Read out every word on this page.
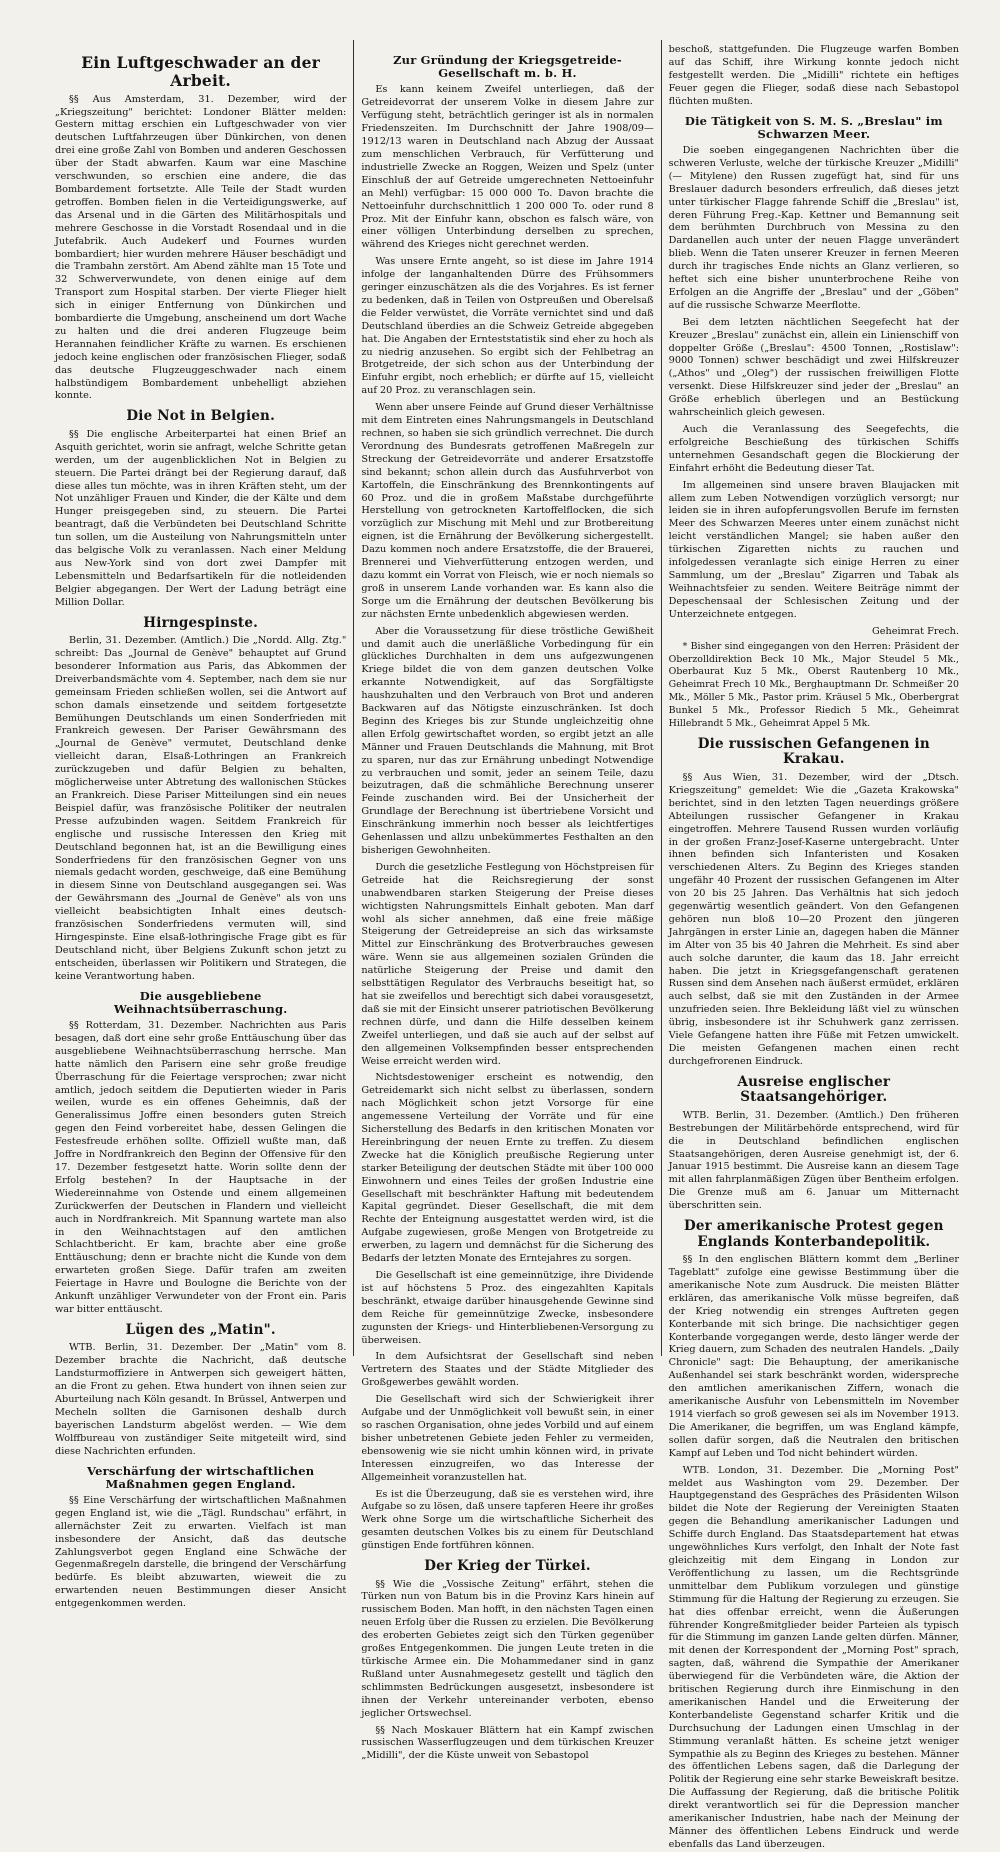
Ein Luftgeschwader an der Arbeit.

§§ Aus Amsterdam, 31. Dezember, wird der „Kriegszeitung" berichtet: Londoner Blätter melden: Gestern mittag erschien ein Luftgeschwader von vier deutschen Luftfahrzeugen über Dünkirchen, von denen drei eine große Zahl von Bomben und anderen Geschossen über der Stadt abwarfen. Kaum war eine Maschine verschwunden, so erschien eine andere, die das Bombardement fortsetzte. Alle Teile der Stadt wurden getroffen. Bomben fielen in die Verteidigungswerke, auf das Arsenal und in die Gärten des Militärhospitals und mehrere Geschosse in die Vorstadt Rosendaal und in die Jutefabrik. Auch Audekerf und Fournes wurden bombardiert; hier wurden mehrere Häuser beschädigt und die Trambahn zerstört. Am Abend zählte man 15 Tote und 32 Schwerverwundete, von denen einige auf dem Transport zum Hospital starben. Der vierte Flieger hielt sich in einiger Entfernung von Dünkirchen und bombardierte die Umgebung, anscheinend um dort Wache zu halten und die drei anderen Flugzeuge beim Herannahen feindlicher Kräfte zu warnen. Es erschienen jedoch keine englischen oder französischen Flieger, sodaß das deutsche Flugzeuggeschwader nach einem halbstündigem Bombardement unbehelligt abziehen konnte.

Die Not in Belgien.

§§ Die englische Arbeiterpartei hat einen Brief an Asquith gerichtet, worin sie anfragt, welche Schritte getan werden, um der augenblicklichen Not in Belgien zu steuern. Die Partei drängt bei der Regierung darauf, daß diese alles tun möchte, was in ihren Kräften steht, um der Not unzähliger Frauen und Kinder, die der Kälte und dem Hunger preisgegeben sind, zu steuern. Die Partei beantragt, daß die Verbündeten bei Deutschland Schritte tun sollen, um die Austeilung von Nahrungsmitteln unter das belgische Volk zu veranlassen. Nach einer Meldung aus New-York sind von dort zwei Dampfer mit Lebensmitteln und Bedarfsartikeln für die notleidenden Belgier abgegangen. Der Wert der Ladung beträgt eine Million Dollar.

Hirngespinste.

Berlin, 31. Dezember. (Amtlich.) Die „Nordd. Allg. Ztg." schreibt: Das „Journal de Genève" behauptet auf Grund besonderer Information aus Paris, das Abkommen der Dreiverbandsmächte vom 4. September, nach dem sie nur gemeinsam Frieden schließen wollen, sei die Antwort auf schon damals einsetzende und seitdem fortgesetzte Bemühungen Deutschlands um einen Sonderfrieden mit Frankreich gewesen. Der Pariser Gewährsmann des „Journal de Genève" vermutet, Deutschland denke vielleicht daran, Elsaß-Lothringen an Frankreich zurückzugeben und dafür Belgien zu behalten, möglicherweise unter Abtretung des wallonischen Stückes an Frankreich. Diese Pariser Mitteilungen sind ein neues Beispiel dafür, was französische Politiker der neutralen Presse aufzubinden wagen. Seitdem Frankreich für englische und russische Interessen den Krieg mit Deutschland begonnen hat, ist an die Bewilligung eines Sonderfriedens für den französischen Gegner von uns niemals gedacht worden, geschweige, daß eine Bemühung in diesem Sinne von Deutschland ausgegangen sei. Was der Gewährsmann des „Journal de Genève" als von uns vielleicht beabsichtigten Inhalt eines deutsch-französischen Sonderfriedens vermuten will, sind Hirngespinste. Eine elsaß-lothringische Frage gibt es für Deutschland nicht, über Belgiens Zukunft schon jetzt zu entscheiden, überlassen wir Politikern und Strategen, die keine Verantwortung haben.

Die ausgebliebene Weihnachtsüberraschung.

§§ Rotterdam, 31. Dezember. Nachrichten aus Paris besagen, daß dort eine sehr große Enttäuschung über das ausgebliebene Weihnachtsüberraschung herrsche. Man hatte nämlich den Parisern eine sehr große freudige Überraschung für die Feiertage versprochen; zwar nicht amtlich, jedoch seitdem die Deputierten wieder in Paris weilen, wurde es ein offenes Geheimnis, daß der Generalissimus Joffre einen besonders guten Streich gegen den Feind vorbereitet habe, dessen Gelingen die Festesfreude erhöhen sollte. Offiziell wußte man, daß Joffre in Nordfrankreich den Beginn der Offensive für den 17. Dezember festgesetzt hatte. Worin sollte denn der Erfolg bestehen? In der Hauptsache in der Wiedereinnahme von Ostende und einem allgemeinen Zurückwerfen der Deutschen in Flandern und vielleicht auch in Nordfrankreich. Mit Spannung wartete man also in den Weihnachtstagen auf den amtlichen Schlachtbericht. Er kam, brachte aber eine große Enttäuschung; denn er brachte nicht die Kunde von dem erwarteten großen Siege. Dafür trafen am zweiten Feiertage in Havre und Boulogne die Berichte von der Ankunft unzähliger Verwundeter von der Front ein. Paris war bitter enttäuscht.

Lügen des „Matin".

WTB. Berlin, 31. Dezember. Der „Matin" vom 8. Dezember brachte die Nachricht, daß deutsche Landsturmoffiziere in Antwerpen sich geweigert hätten, an die Front zu gehen. Etwa hundert von ihnen seien zur Aburteilung nach Köln gesandt. In Brüssel, Antwerpen und Mecheln sollten die Garnisonen deshalb durch bayerischen Landsturm abgelöst werden. — Wie dem Wolffbureau von zuständiger Seite mitgeteilt wird, sind diese Nachrichten erfunden.

Verschärfung der wirtschaftlichen Maßnahmen gegen England.

§§ Eine Verschärfung der wirtschaftlichen Maßnahmen gegen England ist, wie die „Tägl. Rundschau" erfährt, in allernächster Zeit zu erwarten. Vielfach ist man insbesondere der Ansicht, daß das deutsche Zahlungsverbot gegen England eine Schwäche der Gegenmaßregeln darstelle, die bringend der Verschärfung bedürfe. Es bleibt abzuwarten, wieweit die zu erwartenden neuen Bestimmungen dieser Ansicht entgegenkommen werden.

Zur Gründung der Kriegsgetreide-Gesellschaft m. b. H.

Es kann keinem Zweifel unterliegen, daß der Getreidevorrat der unserem Volke in diesem Jahre zur Verfügung steht, beträchtlich geringer ist als in normalen Friedenszeiten. Im Durchschnitt der Jahre 1908/09—1912/13 waren in Deutschland nach Abzug der Aussaat zum menschlichen Verbrauch, für Verfütterung und industrielle Zwecke an Roggen, Weizen und Spelz (unter Einschluß der auf Getreide umgerechneten Nettoeinfuhr an Mehl) verfügbar: 15 000 000 To. Davon brachte die Nettoeinfuhr durchschnittlich 1 200 000 To. oder rund 8 Proz. Mit der Einfuhr kann, obschon es falsch wäre, von einer völligen Unterbindung derselben zu sprechen, während des Krieges nicht gerechnet werden.

Was unsere Ernte angeht, so ist diese im Jahre 1914 infolge der langanhaltenden Dürre des Frühsommers geringer einzuschätzen als die des Vorjahres. Es ist ferner zu bedenken, daß in Teilen von Ostpreußen und Oberelsaß die Felder verwüstet, die Vorräte vernichtet sind und daß Deutschland überdies an die Schweiz Getreide abgegeben hat. Die Angaben der Ernteststatistik sind eher zu hoch als zu niedrig anzusehen. So ergibt sich der Fehlbetrag an Brotgetreide, der sich schon aus der Unterbindung der Einfuhr ergibt, noch erheblich; er dürfte auf 15, vielleicht auf 20 Proz. zu veranschlagen sein.

Wenn aber unsere Feinde auf Grund dieser Verhältnisse mit dem Eintreten eines Nahrungsmangels in Deutschland rechnen, so haben sie sich gründlich verrechnet. Die durch Verordnung des Bundesrats getroffenen Maßregeln zur Streckung der Getreidevorräte und anderer Ersatzstoffe sind bekannt; schon allein durch das Ausfuhrverbot von Kartoffeln, die Einschränkung des Brennkontingents auf 60 Proz. und die in großem Maßstabe durchgeführte Herstellung von getrockneten Kartoffelflocken, die sich vorzüglich zur Mischung mit Mehl und zur Brotbereitung eignen, ist die Ernährung der Bevölkerung sichergestellt. Dazu kommen noch andere Ersatzstoffe, die der Brauerei, Brennerei und Viehverfütterung entzogen werden, und dazu kommt ein Vorrat von Fleisch, wie er noch niemals so groß in unserem Lande vorhanden war. Es kann also die Sorge um die Ernährung der deutschen Bevölkerung bis zur nächsten Ernte unbedenklich abgewiesen werden.

Aber die Voraussetzung für diese tröstliche Gewißheit und damit auch die unerläßliche Vorbedingung für ein glückliches Durchhalten in dem uns aufgezwungenen Kriege bildet die von dem ganzen deutschen Volke erkannte Notwendigkeit, auf das Sorgfältigste haushzuhalten und den Verbrauch von Brot und anderen Backwaren auf das Nötigste einzuschränken. Ist doch Beginn des Krieges bis zur Stunde ungleichzeitig ohne allen Erfolg gewirtschaftet worden, so ergibt jetzt an alle Männer und Frauen Deutschlands die Mahnung, mit Brot zu sparen, nur das zur Ernährung unbedingt Notwendige zu verbrauchen und somit, jeder an seinem Teile, dazu beizutragen, daß die schmähliche Berechnung unserer Feinde zuschanden wird. Bei der Unsicherheit der Grundlage der Berechnung ist übertriebene Vorsicht und Einschränkung immerhin noch besser als leichtfertiges Gehenlassen und allzu unbekümmertes Festhalten an den bisherigen Gewohnheiten.

Durch die gesetzliche Festlegung von Höchstpreisen für Getreide hat die Reichsregierung der sonst unabwendbaren starken Steigerung der Preise dieses wichtigsten Nahrungsmittels Einhalt geboten. Man darf wohl als sicher annehmen, daß eine freie mäßige Steigerung der Getreidepreise an sich das wirksamste Mittel zur Einschränkung des Brotverbrauches gewesen wäre. Wenn sie aus allgemeinen sozialen Gründen die natürliche Steigerung der Preise und damit den selbsttätigen Regulator des Verbrauchs beseitigt hat, so hat sie zweifellos und berechtigt sich dabei vorausgesetzt, daß sie mit der Einsicht unserer patriotischen Bevölkerung rechnen dürfe, und dann die Hilfe desselben keinem Zweifel unterliegen, und daß sie auch auf der selbst auf den allgemeinen Volksempfinden besser entsprechenden Weise erreicht werden wird.

Nichtsdestoweniger erscheint es notwendig, den Getreidemarkt sich nicht selbst zu überlassen, sondern nach Möglichkeit schon jetzt Vorsorge für eine angemessene Verteilung der Vorräte und für eine Sicherstellung des Bedarfs in den kritischen Monaten vor Hereinbringung der neuen Ernte zu treffen. Zu diesem Zwecke hat die Königlich preußische Regierung unter starker Beteiligung der deutschen Städte mit über 100 000 Einwohnern und eines Teiles der großen Industrie eine Gesellschaft mit beschränkter Haftung mit bedeutendem Kapital gegründet. Dieser Gesellschaft, die mit dem Rechte der Enteignung ausgestattet werden wird, ist die Aufgabe zugewiesen, große Mengen von Brotgetreide zu erwerben, zu lagern und demnächst für die Sicherung des Bedarfs der letzten Monate des Erntejahres zu sorgen.

Die Gesellschaft ist eine gemeinnützige, ihre Dividende ist auf höchstens 5 Proz. des eingezahlten Kapitals beschränkt, etwaige darüber hinausgehende Gewinne sind dem Reiche für gemeinnützige Zwecke, insbesondere zugunsten der Kriegs- und Hinterbliebenen-Versorgung zu überweisen.

In dem Aufsichtsrat der Gesellschaft sind neben Vertretern des Staates und der Städte Mitglieder des Großgewerbes gewählt worden.

Die Gesellschaft wird sich der Schwierigkeit ihrer Aufgabe und der Unmöglichkeit voll bewußt sein, in einer so raschen Organisation, ohne jedes Vorbild und auf einem bisher unbetretenen Gebiete jeden Fehler zu vermeiden, ebensowenig wie sie nicht umhin können wird, in private Interessen einzugreifen, wo das Interesse der Allgemeinheit voranzustellen hat.

Es ist die Überzeugung, daß sie es verstehen wird, ihre Aufgabe so zu lösen, daß unsere tapferen Heere ihr großes Werk ohne Sorge um die wirtschaftliche Sicherheit des gesamten deutschen Volkes bis zu einem für Deutschland günstigen Ende fortführen können.

Der Krieg der Türkei.

§§ Wie die „Vossische Zeitung" erfährt, stehen die Türken nun von Batum bis in die Provinz Kars hinein auf russischem Boden. Man hofft, in den nächsten Tagen einen neuen Erfolg über die Russen zu erzielen. Die Bevölkerung des eroberten Gebietes zeigt sich den Türken gegenüber großes Entgegenkommen. Die jungen Leute treten in die türkische Armee ein. Die Mohammedaner sind in ganz Rußland unter Ausnahmegesetz gestellt und täglich den schlimmsten Bedrückungen ausgesetzt, insbesondere ist ihnen der Verkehr untereinander verboten, ebenso jeglicher Ortswechsel.

§§ Nach Moskauer Blättern hat ein Kampf zwischen russischen Wasserflugzeugen und dem türkischen Kreuzer „Midilli", der die Küste unweit von Sebastopol

beschoß, stattgefunden. Die Flugzeuge warfen Bomben auf das Schiff, ihre Wirkung konnte jedoch nicht festgestellt werden. Die „Midilli" richtete ein heftiges Feuer gegen die Flieger, sodaß diese nach Sebastopol flüchten mußten.

Die Tätigkeit von S. M. S. „Breslau" im Schwarzen Meer.

Die soeben eingegangenen Nachrichten über die schweren Verluste, welche der türkische Kreuzer „Midilli" (— Mitylene) den Russen zugefügt hat, sind für uns Breslauer dadurch besonders erfreulich, daß dieses jetzt unter türkischer Flagge fahrende Schiff die „Breslau" ist, deren Führung Freg.-Kap. Kettner und Bemannung seit dem berühmten Durchbruch von Messina zu den Dardanellen auch unter der neuen Flagge unverändert blieb. Wenn die Taten unserer Kreuzer in fernen Meeren durch ihr tragisches Ende nichts an Glanz verlieren, so heftet sich eine bisher ununterbrochene Reihe von Erfolgen an die Angriffe der „Breslau" und der „Göben" auf die russische Schwarze Meerflotte.

Bei dem letzten nächtlichen Seegefecht hat der Kreuzer „Breslau" zunächst ein, allein ein Linienschiff von doppelter Größe („Breslau": 4500 Tonnen, „Rostislaw": 9000 Tonnen) schwer beschädigt und zwei Hilfskreuzer („Athos" und „Oleg") der russischen freiwilligen Flotte versenkt. Diese Hilfskreuzer sind jeder der „Breslau" an Größe erheblich überlegen und an Bestückung wahrscheinlich gleich gewesen.

Auch die Veranlassung des Seegefechts, die erfolgreiche Beschießung des türkischen Schiffs unternehmen Gesandschaft gegen die Blockierung der Einfahrt erhöht die Bedeutung dieser Tat.

Im allgemeinen sind unsere braven Blaujacken mit allem zum Leben Notwendigen vorzüglich versorgt; nur leiden sie in ihren aufopferungsvollen Berufe im fernsten Meer des Schwarzen Meeres unter einem zunächst nicht leicht verständlichen Mangel; sie haben außer den türkischen Zigaretten nichts zu rauchen und infolgedessen veranlagte sich einige Herren zu einer Sammlung, um der „Breslau" Zigarren und Tabak als Weihnachtsfeier zu senden. Weitere Beiträge nimmt der Depeschensaal der Schlesischen Zeitung und der Unterzeichnete entgegen.

Geheimrat Frech.

* Bisher sind eingegangen von den Herren: Präsident der Oberzolldirektion Beck 10 Mk., Major Steudel 5 Mk., Oberbaurat Kuz 5 Mk., Oberst Rautenberg 10 Mk., Geheimrat Frech 10 Mk., Berghauptmann Dr. Schmeißer 20 Mk., Möller 5 Mk., Pastor prim. Kräusel 5 Mk., Oberbergrat Bunkel 5 Mk., Professor Riedich 5 Mk., Geheimrat Hillebrandt 5 Mk., Geheimrat Appel 5 Mk.

Die russischen Gefangenen in Krakau.

§§ Aus Wien, 31. Dezember, wird der „Dtsch. Kriegszeitung" gemeldet: Wie die „Gazeta Krakowska" berichtet, sind in den letzten Tagen neuerdings größere Abteilungen russischer Gefangener in Krakau eingetroffen. Mehrere Tausend Russen wurden vorläufig in der großen Franz-Josef-Kaserne untergebracht. Unter ihnen befinden sich Infanteristen und Kosaken verschiedenen Alters. Zu Beginn des Krieges standen ungefähr 40 Prozent der russischen Gefangenen im Alter von 20 bis 25 Jahren. Das Verhältnis hat sich jedoch gegenwärtig wesentlich geändert. Von den Gefangenen gehören nun bloß 10—20 Prozent den jüngeren Jahrgängen in erster Linie an, dagegen haben die Männer im Alter von 35 bis 40 Jahren die Mehrheit. Es sind aber auch solche darunter, die kaum das 18. Jahr erreicht haben. Die jetzt in Kriegsgefangenschaft geratenen Russen sind dem Ansehen nach äußerst ermüdet, erklären auch selbst, daß sie mit den Zuständen in der Armee unzufrieden seien. Ihre Bekleidung läßt viel zu wünschen übrig, insbesondere ist ihr Schuhwerk ganz zerrissen. Viele Gefangene hatten ihre Füße mit Fetzen umwickelt. Die meisten Gefangenen machen einen recht durchgefrorenen Eindruck.

Ausreise englischer Staatsangehöriger.

WTB. Berlin, 31. Dezember. (Amtlich.) Den früheren Bestrebungen der Militärbehörde entsprechend, wird für die in Deutschland befindlichen englischen Staatsangehörigen, deren Ausreise genehmigt ist, der 6. Januar 1915 bestimmt. Die Ausreise kann an diesem Tage mit allen fahrplanmäßigen Zügen über Bentheim erfolgen. Die Grenze muß am 6. Januar um Mitternacht überschritten sein.

Der amerikanische Protest gegen Englands Konterbandepolitik.

§§ In den englischen Blättern kommt dem „Berliner Tageblatt" zufolge eine gewisse Bestimmung über die amerikanische Note zum Ausdruck. Die meisten Blätter erklären, das amerikanische Volk müsse begreifen, daß der Krieg notwendig ein strenges Auftreten gegen Konterbande mit sich bringe. Die nachsichtiger gegen Konterbande vorgegangen werde, desto länger werde der Krieg dauern, zum Schaden des neutralen Handels. „Daily Chronicle" sagt: Die Behauptung, der amerikanische Außenhandel sei stark beschränkt worden, widerspreche den amtlichen amerikanischen Ziffern, wonach die amerikanische Ausfuhr von Lebensmitteln im November 1914 vierfach so groß gewesen sei als im November 1913. Die Amerikaner, die begriffen, um was England kämpfe, sollen dafür sorgen, daß die Neutralen den britischen Kampf auf Leben und Tod nicht behindert würden.

WTB. London, 31. Dezember. Die „Morning Post" meldet aus Washington vom 29. Dezember. Der Hauptgegenstand des Gespräches des Präsidenten Wilson bildet die Note der Regierung der Vereinigten Staaten gegen die Behandlung amerikanischer Ladungen und Schiffe durch England. Das Staatsdepartement hat etwas ungewöhnliches Kurs verfolgt, den Inhalt der Note fast gleichzeitig mit dem Eingang in London zur Veröffentlichung zu lassen, um die Rechtsgründe unmittelbar dem Publikum vorzulegen und günstige Stimmung für die Haltung der Regierung zu erzeugen. Sie hat dies offenbar erreicht, wenn die Äußerungen führender Kongreßmitglieder beider Parteien als typisch für die Stimmung im ganzen Lande gelten dürfen. Männer, mit denen der Korrespondent der „Morning Post" sprach, sagten, daß, während die Sympathie der Amerikaner überwiegend für die Verbündeten wäre, die Aktion der britischen Regierung durch ihre Einmischung in den amerikanischen Handel und die Erweiterung der Konterbandeliste Gegenstand scharfer Kritik und die Durchsuchung der Ladungen einen Umschlag in der Stimmung veranlaßt hätten. Es scheine jetzt weniger Sympathie als zu Beginn des Krieges zu bestehen. Männer des öffentlichen Lebens sagen, daß die Darlegung der Politik der Regierung eine sehr starke Beweiskraft besitze. Die Auffassung der Regierung, daß die britische Politik direkt verantwortlich sei für die Depression mancher amerikanischer Industrien, habe nach der Meinung der Männer des öffentlichen Lebens Eindruck und werde ebenfalls das Land überzeugen.
